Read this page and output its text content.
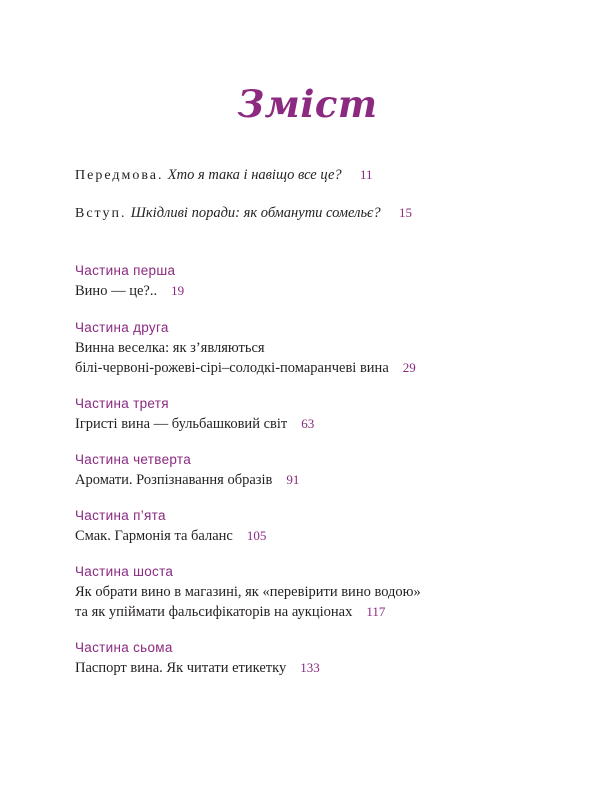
Зміст
Передмова. Хто я така і навіщо все це? 11
Вступ. Шкідливі поради: як обманути сомельє? 15
Частина перша
Вино — це?.. 19
Частина друга
Винна веселка: як з’являються
білі-червоні-рожеві-сірі–солодкі-помаранчеві вина 29
Частина третя
Ігристі вина — бульбашковий світ 63
Частина четверта
Аромати. Розпізнавання образів 91
Частина п’ята
Смак. Гармонія та баланс 105
Частина шоста
Як обрати вино в магазині, як «перевірити вино водою»
та як упіймати фальсифікаторів на аукціонах 117
Частина сьома
Паспорт вина. Як читати етикетку 133
